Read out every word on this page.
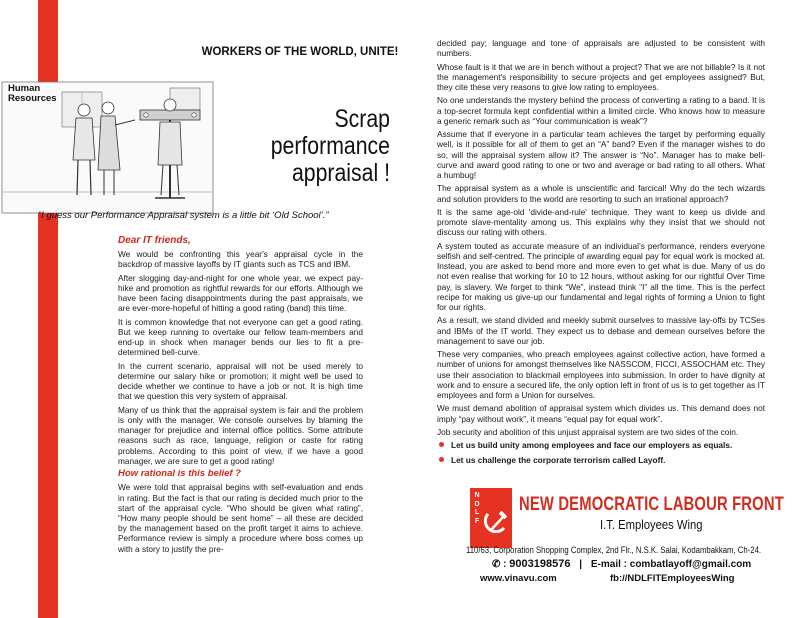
WORKERS OF THE WORLD, UNITE!
Human
Resources
“I guess our Performance Appraisal system is a little bit ‘Old School’.”
Scrap
performance
appraisal !
Dear IT friends,

We would be confronting this year's appraisal cycle in the backdrop of massive layoffs by IT giants such as TCS and IBM.

After slogging day-and-night for one whole year, we expect pay-hike and promotion as rightful rewards for our efforts. Although we have been facing disappointments during the past appraisals, we are ever-more-hopeful of hitting a good rating (band) this time.

It is common knowledge that not everyone can get a good rating. But we keep running to overtake our fellow team-members and end-up in shock when manager bends our lies to fit a pre-determined bell-curve.

In the current scenario, appraisal will not be used merely to determine our salary hike or promotion; it might well be used to decide whether we continue to have a job or not. It is high time that we question this very system of appraisal.

Many of us think that the appraisal system is fair and the problem is only with the manager. We console ourselves by blaming the manager for prejudice and internal office politics. Some attribute reasons such as race, language, religion or caste for rating problems. According to this point of view, if we have a good manager, we are sure to get a good rating!

How rational is this belief ?

We were told that appraisal begins with self-evaluation and ends in rating. But the fact is that our rating is decided much prior to the start of the appraisal cycle. “Who should be given what rating”, “How many people should be sent home” – all these are decided by the management based on the profit target it aims to achieve. Performance review is simply a procedure where boss comes up with a story to justify the pre-

decided pay; language and tone of appraisals are adjusted to be consistent with numbers.

Whose fault is it that we are in bench without a project? That we are not billable? Is it not the management's responsibility to secure projects and get employees assigned? But, they cite these very reasons to give low rating to employees.

No one understands the mystery behind the process of converting a rating to a band. It is a top-secret formula kept confidential within a limited circle. Who knows how to measure a generic remark such as “Your communication is weak”?

Assume that if everyone in a particular team achieves the target by performing equally well, is it possible for all of them to get an “A” band? Even if the manager wishes to do so, will the appraisal system allow it? The answer is “No”. Manager has to make bell-curve and award good rating to one or two and average or bad rating to all others. What a humbug!

The appraisal system as a whole is unscientific and farcical! Why do the tech wizards and solution providers to the world are resorting to such an irrational approach?

It is the same age-old 'divide-and-rule' technique. They want to keep us divide and promote slave-mentality among us. This explains why they insist that we should not discuss our rating with others.

A system touted as accurate measure of an individual’s performance, renders everyone selfish and self-centred. The principle of awarding equal pay for equal work is mocked at. Instead, you are asked to bend more and more even to get what is due. Many of us do not even realise that working for 10 to 12 hours, without asking for our rightful Over Time pay, is slavery. We forget to think “We”, instead think “I” all the time. This is the perfect recipe for making us give-up our fundamental and legal rights of forming a Union to fight for our rights.

As a result, we stand divided and meekly submit ourselves to massive lay-offs by TCSes and IBMs of the IT world. They expect us to debase and demean ourselves before the management to save our job.

These very companies, who preach employees against collective action, have formed a number of unions for amongst themselves like NASSCOM, FICCI, ASSOCHAM etc. They use their association to blackmail employees into submission. In order to have dignity at work and to ensure a secured life, the only option left in front of us is to get together as IT employees and form a Union for ourselves.

We must demand abolition of appraisal system which divides us. This demand does not imply “pay without work”, it means “equal pay for equal work”.

Job security and abolition of this unjust appraisal system are two sides of the coin.

Let us build unity among employees and face our employers as equals.
Let us challenge the corporate terrorism called Layoff.
N
D
L
F
NEW DEMOCRATIC LABOUR FRONT
I.T. Employees Wing
110/63, Corporation Shopping Complex, 2nd Flr., N.S.K. Salai, Kodambakkam, Ch-24.
✆ : 9003198576 | E-mail : combatlayoff@gmail.com
www.vinavu.com	fb://NDLFITEmployeesWing
